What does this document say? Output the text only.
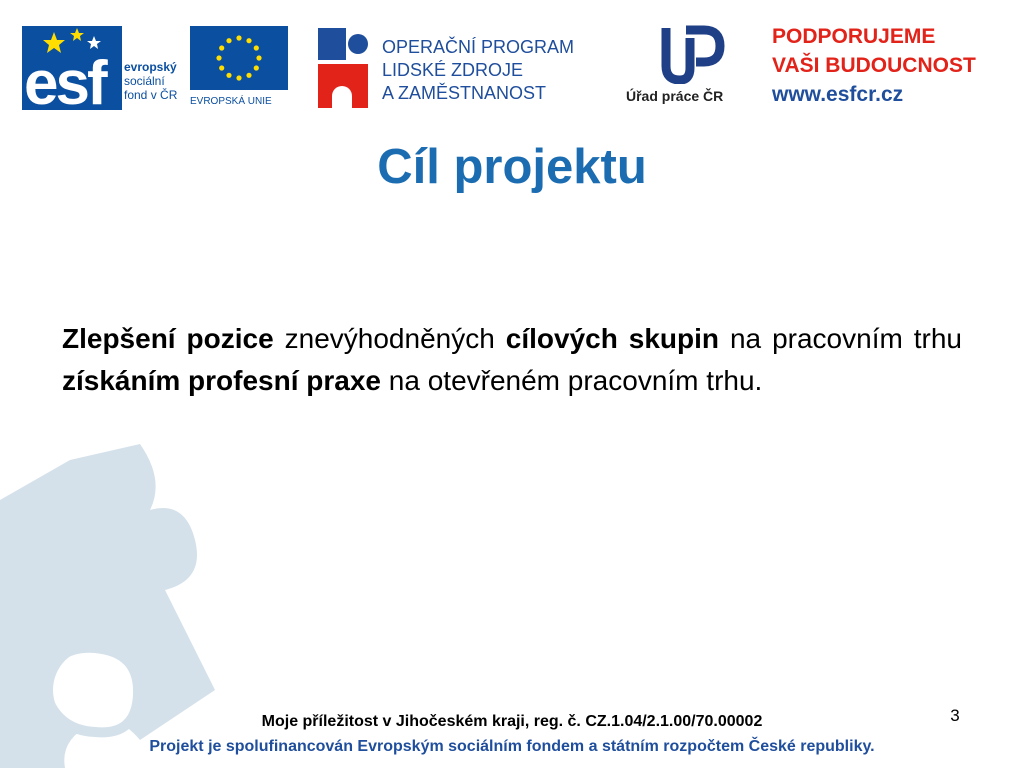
esf evropský
sociální
fond v ČR EVROPSKÁ UNIE
OPERAČNÍ PROGRAM
LIDSKÉ ZDROJE
A ZAMĚSTNANOST	Úřad práce ČR
PODPORUJEME
VAŠI BUDOUCNOST
www.esfcr.cz
Cíl projektu

Zlepšení pozice znevýhodněných cílových skupin na pracovním trhu získáním profesní praxe na otevřeném pracovním trhu.

3
Moje příležitost v Jihočeském kraji, reg. č. CZ.1.04/2.1.00/70.00002
Projekt je spolufinancován Evropským sociálním fondem a státním rozpočtem České republiky.
